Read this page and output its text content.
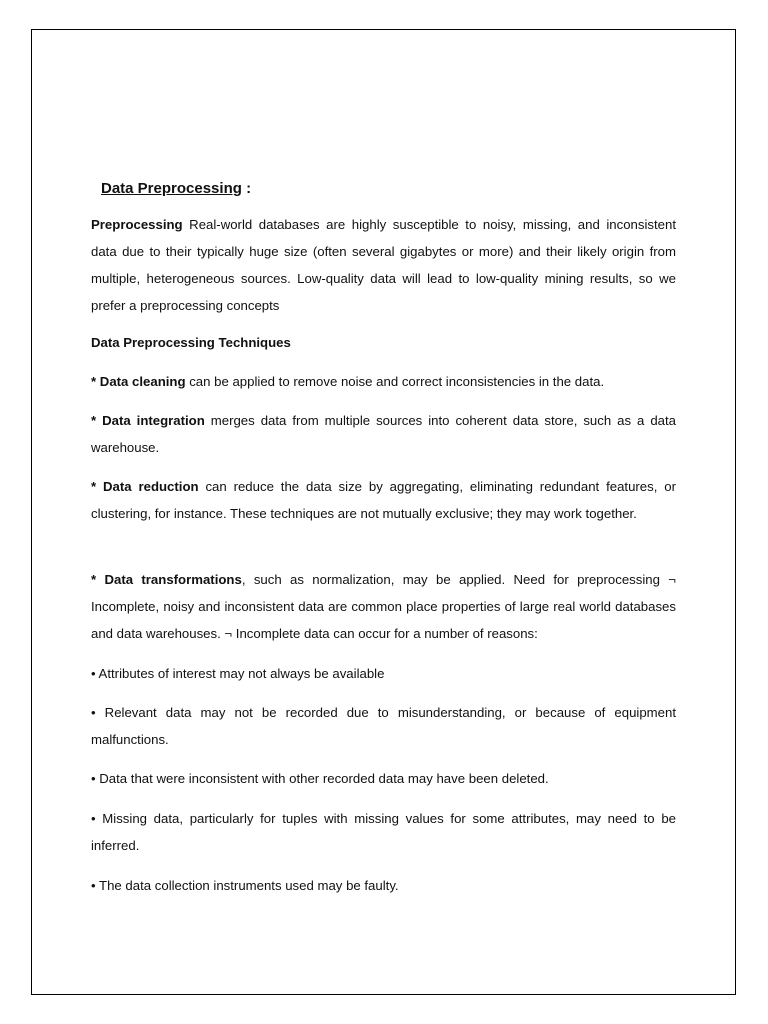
Data Preprocessing :

Preprocessing Real-world databases are highly susceptible to noisy, missing, and inconsistent data due to their typically huge size (often several gigabytes or more) and their likely origin from multiple, heterogeneous sources. Low-quality data will lead to low-quality mining results, so we prefer a preprocessing concepts

Data Preprocessing Techniques

* Data cleaning can be applied to remove noise and correct inconsistencies in the data.

* Data integration merges data from multiple sources into coherent data store, such as a data warehouse.

* Data reduction can reduce the data size by aggregating, eliminating redundant features, or clustering, for instance. These techniques are not mutually exclusive; they may work together.

* Data transformations, such as normalization, may be applied. Need for preprocessing ¬ Incomplete, noisy and inconsistent data are common place properties of large real world databases and data warehouses. ¬ Incomplete data can occur for a number of reasons:

• Attributes of interest may not always be available

• Relevant data may not be recorded due to misunderstanding, or because of equipment malfunctions.

• Data that were inconsistent with other recorded data may have been deleted.

• Missing data, particularly for tuples with missing values for some attributes, may need to be inferred.

• The data collection instruments used may be faulty.
